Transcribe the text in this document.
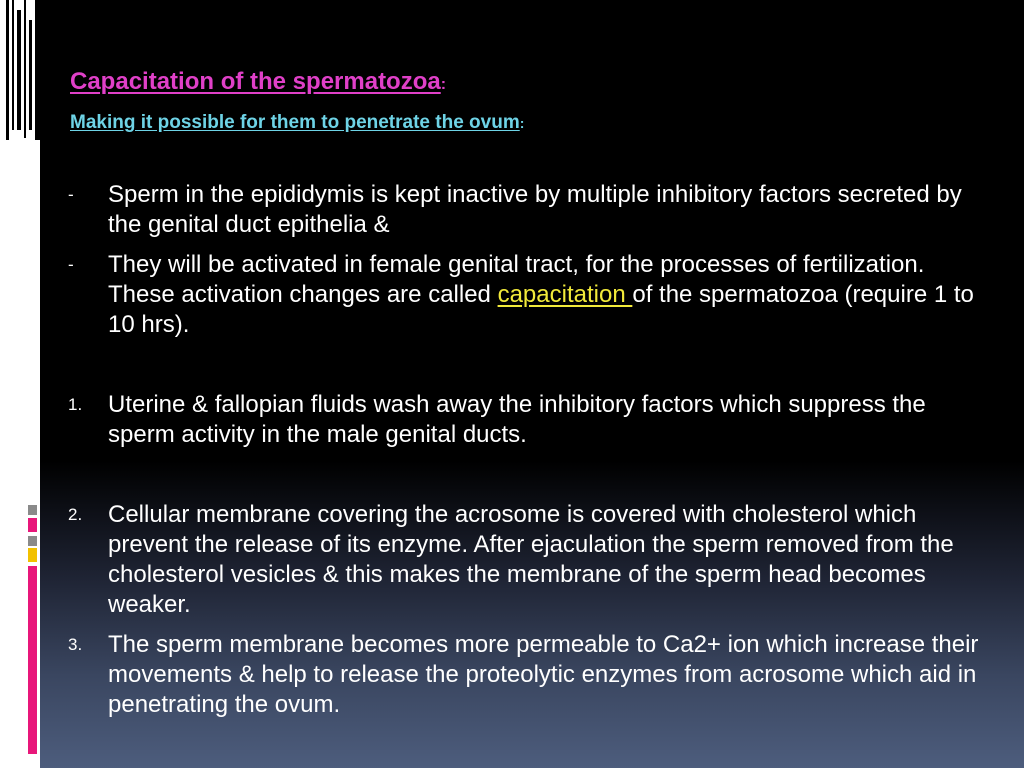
Capacitation of the spermatozoa:
Making it possible for them to penetrate the ovum:
- Sperm in the epididymis is kept inactive by multiple inhibitory factors secreted by the genital duct epithelia &
- They will be activated in female genital tract, for the processes of fertilization. These activation changes are called capacitation of the spermatozoa (require 1 to 10 hrs).
1. Uterine & fallopian fluids wash away the inhibitory factors which suppress the sperm activity in the male genital ducts.
2. Cellular membrane covering the acrosome is covered with cholesterol which prevent the release of its enzyme. After ejaculation the sperm removed from the cholesterol vesicles & this makes the membrane of the sperm head becomes weaker.
3. The sperm membrane becomes more permeable to Ca2+ ion which increase their movements & help to release the proteolytic enzymes from acrosome which aid in penetrating the ovum.
